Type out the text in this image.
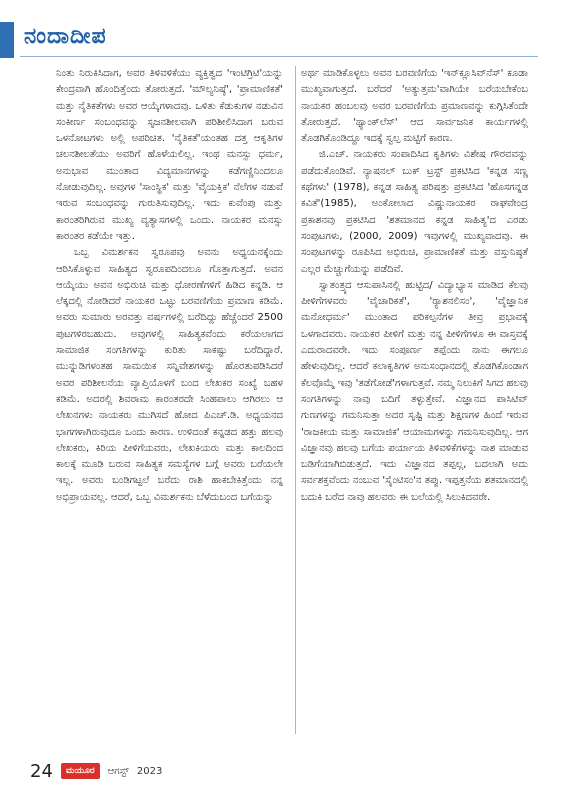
ನಂದಾದೀಪ

ನಿಂತು ನಿರುಕಿಸಿದಾಗ, ಅವರ ತಿಳಿವಳಿಕೆಯು ವ್ಯಕ್ತಿತ್ವದ 'ಇಂಟಿಗ್ರಿಟಿ'ಯನ್ನು ಕೇಂದ್ರವಾಗಿ ಹೊಂದಿತ್ತೆಂದು ತೋರುತ್ತದೆ. 'ಮೌಲ್ಯನಿಷ್ಠೆ', 'ಪ್ರಾಮಾಣಿಕತೆ' ಮತ್ತು ನೈತಿಕತೆಗಳು ಅವರ ಆಯ್ಕೆಗಳಾದವು. ಒಳಿತು ಕೆಡುಕುಗಳ ನಡುವಿನ ಸಂಕೀರ್ಣ ಸಂಬಂಧವನ್ನು ಸೃಜನಶೀಲವಾಗಿ ಪರಿಶೀಲಿಸಿದಾಗ ಬರುವ ಒಳನೋಟಗಳು ಅಲ್ಲಿ ಅಪರಿಚಿತ. 'ನೈತಿಕತೆ'ಯಂತಹ ದತ್ತ ಆಕೃತಿಗಳ ಚಲನಶೀಲತೆಯು ಅವರಿಗೆ ಹೊಳೆಯಲಿಲ್ಲ. ಇಂಥ ಮನಸ್ಸು ಧರ್ಮ, ಅನುಭಾವ ಮುಂತಾದ ವಿದ್ಯಮಾನಗಳನ್ನು ಕಡೆಗಣ್ಣಿನಿಂದಲೂ ನೋಡುವುದಿಲ್ಲ. ಅವುಗಳ 'ಸಾಂಸ್ಥಿಕ' ಮತ್ತು 'ವೈಯಕ್ತಿಕ' ನೆಲೆಗಳ ನಡುವೆ ಇರುವ ಸಂಬಂಧವನ್ನು ಗುರುತಿಸುವುದಿಲ್ಲ. ಇದು ಕುವೆಂಪು ಮತ್ತು ಕಾರಂತರಿಗಿರುವ ಮುಖ್ಯ ವ್ಯತ್ಯಾಸಗಳಲ್ಲಿ ಒಂದು. ನಾಯಕರ ಮನಸ್ಸು ಕಾರಂತರ ಕಡೆಯೇ ಇತ್ತು.

ಒಬ್ಬ ವಿಮರ್ಶಕನ ಸ್ವರೂಪವು ಅವನು ಅಧ್ಯಯನಕ್ಕೆಂದು ಆರಿಸಿಕೊಳ್ಳುವ ಸಾಹಿತ್ಯದ ಸ್ವರೂಪದಿಂದಲೂ ಗೊತ್ತಾಗುತ್ತದೆ. ಅವನ ಆಯ್ಕೆಯು ಅವನ ಅಭಿರುಚಿ ಮತ್ತು ಧೋರಣೆಗಳಿಗೆ ಹಿಡಿದ ಕನ್ನಡಿ. ಆ ಲೆಕ್ಕದಲ್ಲಿ ನೋಡಿದರೆ ನಾಯಕರ ಒಟ್ಟು ಬರವಣಿಗೆಯ ಪ್ರಮಾಣ ಕಡಿಮೆ. ಅವರು ಸುಮಾರು ಅರವತ್ತು ವರ್ಷಗಳಲ್ಲಿ ಬರೆದಿದ್ದು ಹೆಚ್ಚೆಂದರೆ 2500 ಪುಟಗಳಿರಬಹುದು. ಅವುಗಳಲ್ಲಿ ಸಾಹಿತ್ಯಕವೆಂದು ಕರೆಯಲಾಗದ ಸಾಮಾಜಿಕ ಸಂಗತಿಗಳನ್ನು ಕುರಿತು ಸಾಕಷ್ಟು ಬರೆದಿದ್ದಾರೆ. ಮುನ್ನುಡಿಗಳಂತಹ ಸಾಮಯಿಕ ಸನ್ನಿವೇಶಗಳನ್ನು ಹೊರತುಪಡಿಸಿದರೆ ಅವರ ಪರಿಶೀಲನೆಯ ವ್ಯಾಪ್ತಿಯೊಳಗೆ ಬಂದ ಲೇಖಕರ ಸಂಖ್ಯೆ ಬಹಳ ಕಡಿಮೆ. ಅದರಲ್ಲಿ ಶಿವರಾಮ ಕಾರಂತರದೇ ಸಿಂಹಪಾಲು ಆಗಿರಲು ಆ ಲೇಖನಗಳು ನಾಯಕರು ಮುಗಿಸದೆ ಹೋದ ಪಿಎಚ್.ಡಿ. ಅಧ್ಯಯನದ ಭಾಗಗಳಾಗಿರುವುದೂ ಒಂದು ಕಾರಣ. ಉಳಿದಂತೆ ಕನ್ನಡದ ಹತ್ತು ಹಲವು ಲೇಖಕರು, ಕಿರಿಯ ಪೀಳಿಗೆಯವರು, ಲೇಖಕಿಯರು ಮತ್ತು ಕಾಲದಿಂದ ಕಾಲಕ್ಕೆ ಮೂಡಿ ಬರುವ ಸಾಹಿತ್ಯಕ ಸಮಸ್ಯೆಗಳ ಬಗ್ಗೆ ಅವರು ಬರೆಯಲೇ ಇಲ್ಲ. ಅವರು ಬಂಡಿಗಟ್ಟಲೆ ಬರೆದು ರಾಶಿ ಹಾಕಬೇಕಿತ್ತೆಂದು ನನ್ನ ಅಭಿಪ್ರಾಯವಲ್ಲ. ಆದರೆ, ಒಬ್ಬ ವಿಮರ್ಶಕನು ಬೆಳೆದುಬಂದ ಬಗೆಯನ್ನು

ಅರ್ಥ ಮಾಡಿಕೊಳ್ಳಲು ಅವನ ಬರವಣಿಗೆಯ 'ಇನ್‌ಕ್ಲೂಸಿವ್‌ನೆಸ್' ಕೂಡಾ ಮುಖ್ಯವಾಗುತ್ತದೆ. ಬರೆದರೆ 'ಅತ್ಯುತ್ತಮ'ವಾಗಿಯೇ ಬರೆಯಬೇಕೆಂಬ ನಾಯಕರ ಹಂಬಲವು ಅವರ ಬರವಣಿಗೆಯ ಪ್ರಮಾಣವನ್ನು ಕುಗ್ಗಿಸಿತೆಂದೇ ತೋರುತ್ತದೆ. 'ಥ್ಯಾಂಕ್‌ಲೆಸ್' ಆದ ಸಾರ್ವಜನಿಕ ಕಾರ್ಯಗಳಲ್ಲಿ ತೊಡಗಿಕೊಂಡಿದ್ದೂ ಇದಕ್ಕೆ ಸ್ವಲ್ಪ ಮಟ್ಟಿಗೆ ಕಾರಣ.

ಜಿ.ಎಚ್. ನಾಯಕರು ಸಂಪಾದಿಸಿದ ಕೃತಿಗಳು ವಿಶೇಷ ಗೌರವವನ್ನು ಪಡೆದುಕೊಂಡಿವೆ. ನ್ಯಾಷನಲ್ ಬುಕ್ ಟ್ರಸ್ಟ್ ಪ್ರಕಟಿಸಿದ 'ಕನ್ನಡ ಸಣ್ಣ ಕಥೆಗಳು' (1978), ಕನ್ನಡ ಸಾಹಿತ್ಯ ಪರಿಷತ್ತು ಪ್ರಕಟಿಸಿದ 'ಹೊಸಗನ್ನಡ ಕವಿತೆ'(1985), ಅಂಕೋಲಾದ ವಿಷ್ಣುನಾಯಕರ ರಾಘವೇಂದ್ರ ಪ್ರಕಾಶನವು ಪ್ರಕಟಿಸಿದ 'ಶತಮಾನದ ಕನ್ನಡ ಸಾಹಿತ್ಯ'ದ ಎರಡು ಸಂಪುಟಗಳು, (2000, 2009) ಇವುಗಳಲ್ಲಿ ಮುಖ್ಯವಾದವು. ಈ ಸಂಪುಟಗಳನ್ನು ರೂಪಿಸಿದ ಅಭಿರುಚಿ, ಪ್ರಾಮಾಣಿಕತೆ ಮತ್ತು ವಸ್ತುನಿಷ್ಠತೆ ಎಲ್ಲರ ಮೆಚ್ಚುಗೆಯನ್ನು ಪಡೆದಿವೆ.

ಸ್ವಾತಂತ್ರ್ಯದ ಆಸುಪಾಸಿನಲ್ಲಿ ಹುಟ್ಟಿದ/ ವಿದ್ಯಾಭ್ಯಾಸ ಮಾಡಿದ ಕೆಲವು ಪೀಳಿಗೆಗಳವರು 'ವೈಚಾರಿಕತೆ', 'ರ್‍ಯಾಶನಲಿಸಂ', 'ವೈಜ್ಞಾನಿಕ ಮನೋಧರ್ಮ' ಮುಂತಾದ ಪರಿಕಲ್ಪನೆಗಳ ತೀವ್ರ ಪ್ರಭಾವಕ್ಕೆ ಒಳಗಾದವರು. ನಾಯಕರ ಪೀಳಿಗೆ ಮತ್ತು ನನ್ನ ಪೀಳಿಗೆಗಳೂ ಈ ವಾಸ್ತವಕ್ಕೆ ಎದುರಾದವರೇ. ಇದು ಸಂಪೂರ್ಣ ತಪ್ಪೆಂದು ನಾನು ಈಗಲೂ ಹೇಳುವುದಿಲ್ಲ. ಆದರೆ ಕಲಾಕೃತಿಗಳ ಅನುಸಂಧಾನದಲ್ಲಿ ತೊಡಗಿಕೊಂಡಾಗ ಕೆಲವೊಮ್ಮೆ ಇವು 'ತಡೆಗೋಡೆ'ಗಳಾಗುತ್ತವೆ. ನಮ್ಮ ನಿಲುಕಿಗೆ ಸಿಗದ ಹಲವು ಸಂಗತಿಗಳನ್ನು ನಾವು ಬದಿಗೆ ತಳ್ಳುತ್ತೇವೆ. ವಿಜ್ಞಾನದ ಪಾಸಿಟಿವ್ ಗುಣಗಳನ್ನು ಗಮನಿಸುತ್ತಾ ಅದರ ಸೃಷ್ಟಿ ಮತ್ತು ಶಿಕ್ಷಣಗಳ ಹಿಂದೆ ಇರುವ 'ರಾಜಕೀಯ ಮತ್ತು ಸಾಮಾಜಿಕ' ಆಯಾಮಗಳನ್ನು ಗಮನಿಸುವುದಿಲ್ಲ. ಆಗ ವಿಜ್ಞಾನವು ಹಲವು ಬಗೆಯ ಪರ್ಯಾಯ ತಿಳಿವಳಿಕೆಗಳನ್ನು ನಾಶ ಮಾಡುವ ಬಡಿಗೆಯಾಗಿಬಿಡುತ್ತದೆ. ಇದು ವಿಜ್ಞಾನದ ತಪ್ಪಲ್ಲ, ಬದಲಾಗಿ ಅದು ಸರ್ವಶಕ್ತವೆಂದು ನಂಬುವ 'ಸೈಂಟಿಸಂ'ನ ತಪ್ಪು. ಇಪ್ಪತ್ತನೆಯ ಶತಮಾನದಲ್ಲಿ ಬದುಕಿ ಬರೆದ ನಾವು ಹಲವರು ಈ ಬಲೆಯಲ್ಲಿ ಸಿಲುಕಿದವರೇ.

24	ಮಯೂರ	ಆಗಸ್ಟ್ 2023
